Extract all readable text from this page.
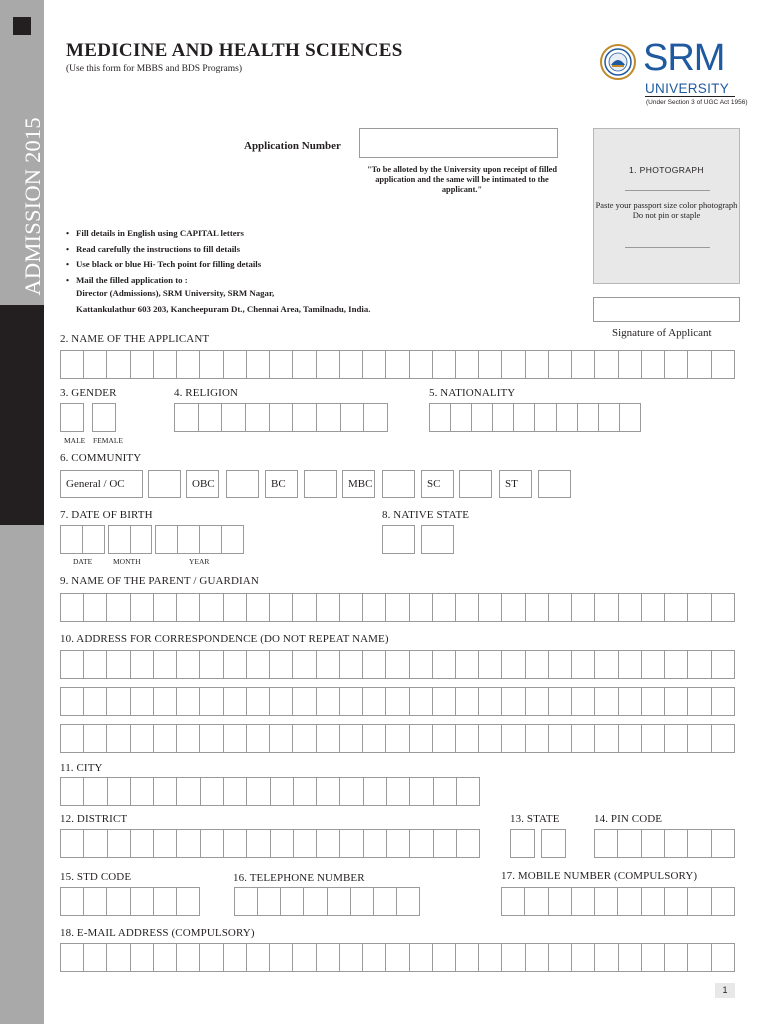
SRM UNIVERSITY   ADMISSION 2015
MEDICINE AND HEALTH SCIENCES
(Use this form for MBBS and BDS Programs)	SRM
UNIVERSITY
(Under Section 3 of UGC Act 1956)
Application Number
"To be alloted by the University upon receipt of filled application and the same will be intimated to the applicant."
1. PHOTOGRAPH
Paste your passport size color photograph Do not pin or staple
Signature of Applicant
• Fill details in English using CAPITAL letters
• Read carefully the instructions to fill details
• Use black or blue Hi- Tech point for filling details
• Mail the filled application to :
Director (Admissions), SRM University, SRM Nagar,
Kattankulathur 603 203, Kancheepuram Dt., Chennai Area, Tamilnadu, India.
2. NAME OF THE APPLICANT
3. GENDER
MALE FEMALE
4. RELIGION	5. NATIONALITY
6. COMMUNITY
General / OC	OBC	BC	MBC	SC	ST
7. DATE OF BIRTH
DATE	MONTH	YEAR
8. NATIVE STATE
9. NAME OF THE PARENT / GUARDIAN
10. ADDRESS FOR CORRESPONDENCE (DO NOT REPEAT NAME)
11. CITY
12. DISTRICT	13. STATE	14. PIN CODE
15. STD CODE	16. TELEPHONE NUMBER	17. MOBILE NUMBER (COMPULSORY)
18. E-MAIL ADDRESS (COMPULSORY)
1
